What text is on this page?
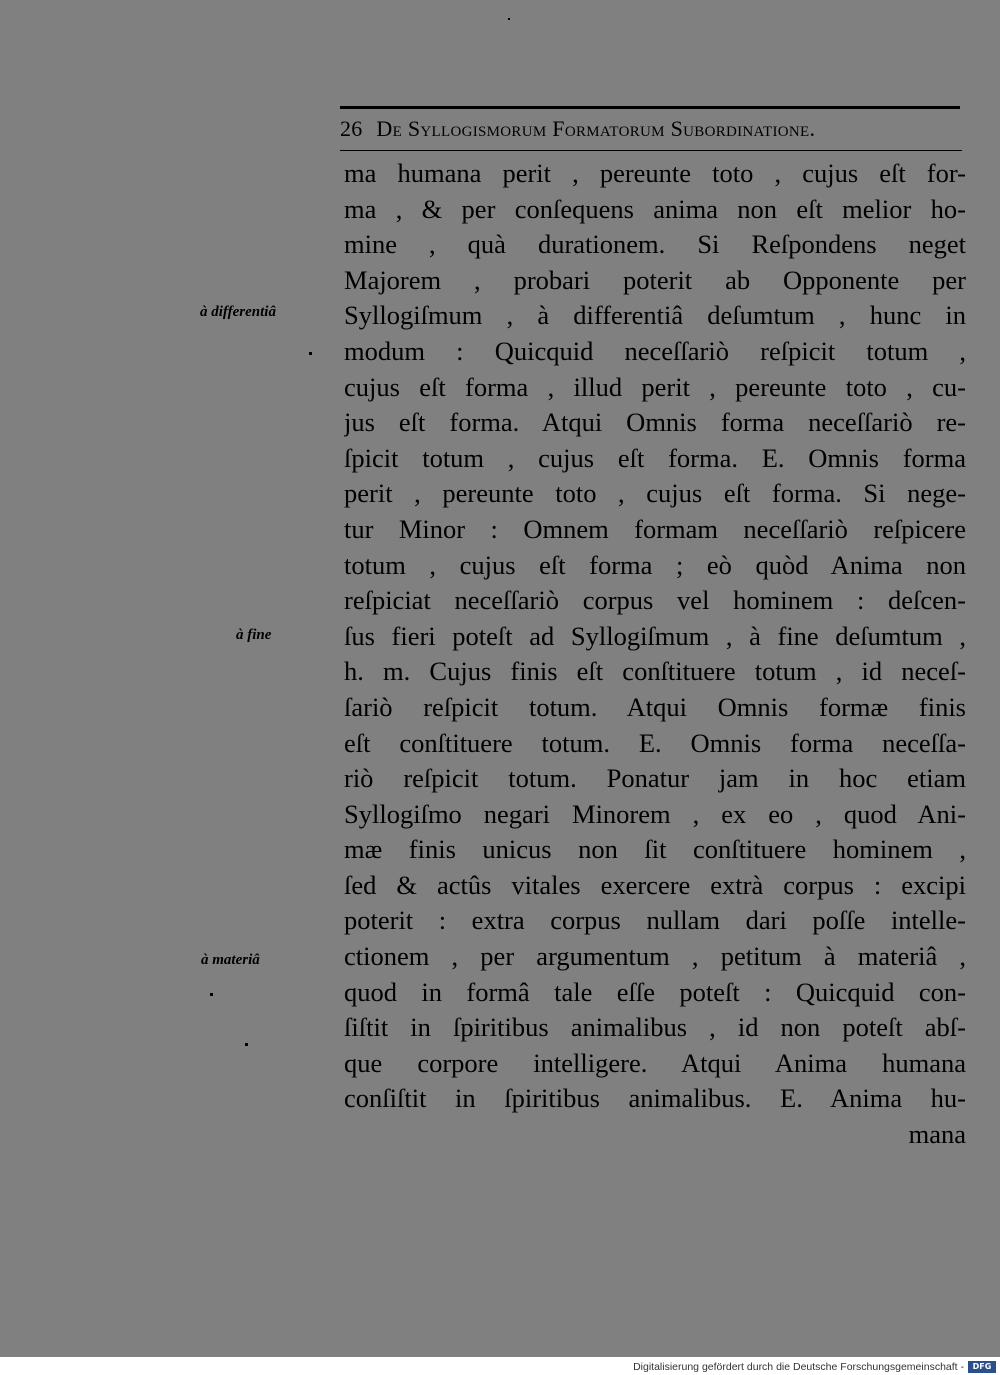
26 De Syllogismorum Formatorum Subordinatione.
à differentiâ
à fine
à materiâ
ma humana perit , pereunte toto , cujus eſt for-
ma , & per conſequens anima non eſt melior ho-
mine , quà durationem. Si Reſpondens neget
Majorem , probari poterit ab Opponente per
Syllogiſmum , à differentiâ deſumtum , hunc in
modum : Quicquid neceſſariò reſpicit totum ,
cujus eſt forma , illud perit , pereunte toto , cu-
jus eſt forma. Atqui Omnis forma neceſſariò re-
ſpicit totum , cujus eſt forma. E. Omnis forma
perit , pereunte toto , cujus eſt forma. Si nege-
tur Minor : Omnem formam neceſſariò reſpicere
totum , cujus eſt forma ; eò quòd Anima non
reſpiciat neceſſariò corpus vel hominem : deſcen-
ſus fieri poteſt ad Syllogiſmum , à fine deſumtum ,
h. m. Cujus finis eſt conſtituere totum , id neceſ-
ſariò reſpicit totum. Atqui Omnis formæ finis
eſt conſtituere totum. E. Omnis forma neceſſa-
riò reſpicit totum. Ponatur jam in hoc etiam
Syllogiſmo negari Minorem , ex eo , quod Ani-
mæ finis unicus non ſit conſtituere hominem ,
ſed & actûs vitales exercere extrà corpus : excipi
poterit : extra corpus nullam dari poſſe intelle-
ctionem , per argumentum , petitum à materiâ ,
quod in formâ tale eſſe poteſt : Quicquid con-
ſiſtit in ſpiritibus animalibus , id non poteſt abſ-
que corpore intelligere. Atqui Anima humana
conſiſtit in ſpiritibus animalibus. E. Anima hu-
mana
Digitalisierung gefördert durch die Deutsche Forschungsgemeinschaft -	DFG
